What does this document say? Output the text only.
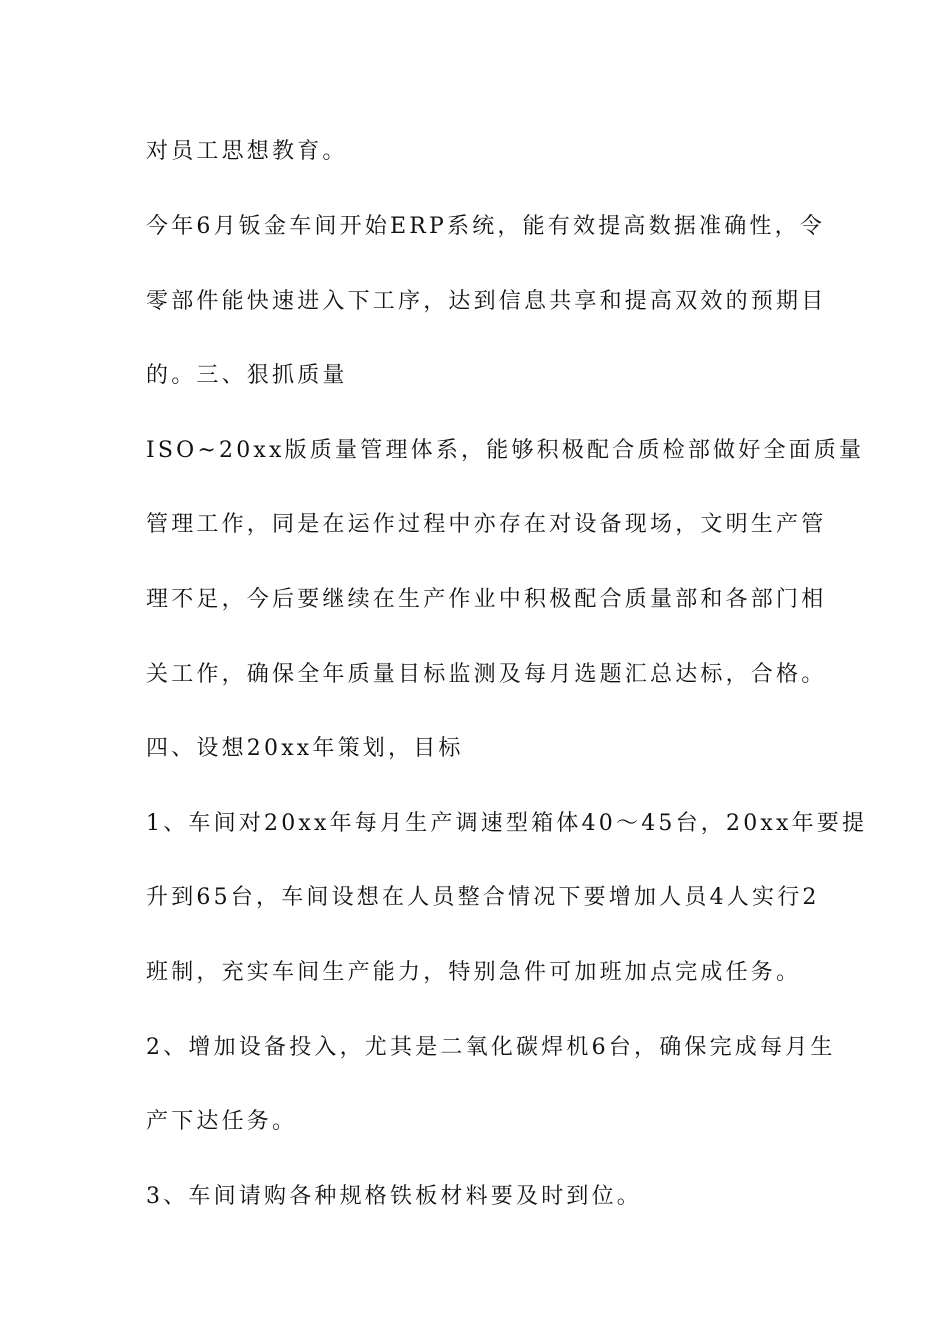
对员工思想教育。
今年6月钣金车间开始ERP系统，能有效提高数据准确性，令
零部件能快速进入下工序，达到信息共享和提高双效的预期目
的。三、狠抓质量
ISO~20xx版质量管理体系，能够积极配合质检部做好全面质量
管理工作，同是在运作过程中亦存在对设备现场，文明生产管
理不足，今后要继续在生产作业中积极配合质量部和各部门相
关工作，确保全年质量目标监测及每月选题汇总达标，合格。
四、设想20xx年策划，目标
1、车间对20xx年每月生产调速型箱体40～45台，20xx年要提
升到65台，车间设想在人员整合情况下要增加人员4人实行2
班制，充实车间生产能力，特别急件可加班加点完成任务。
2、增加设备投入，尤其是二氧化碳焊机6台，确保完成每月生
产下达任务。
3、车间请购各种规格铁板材料要及时到位。
